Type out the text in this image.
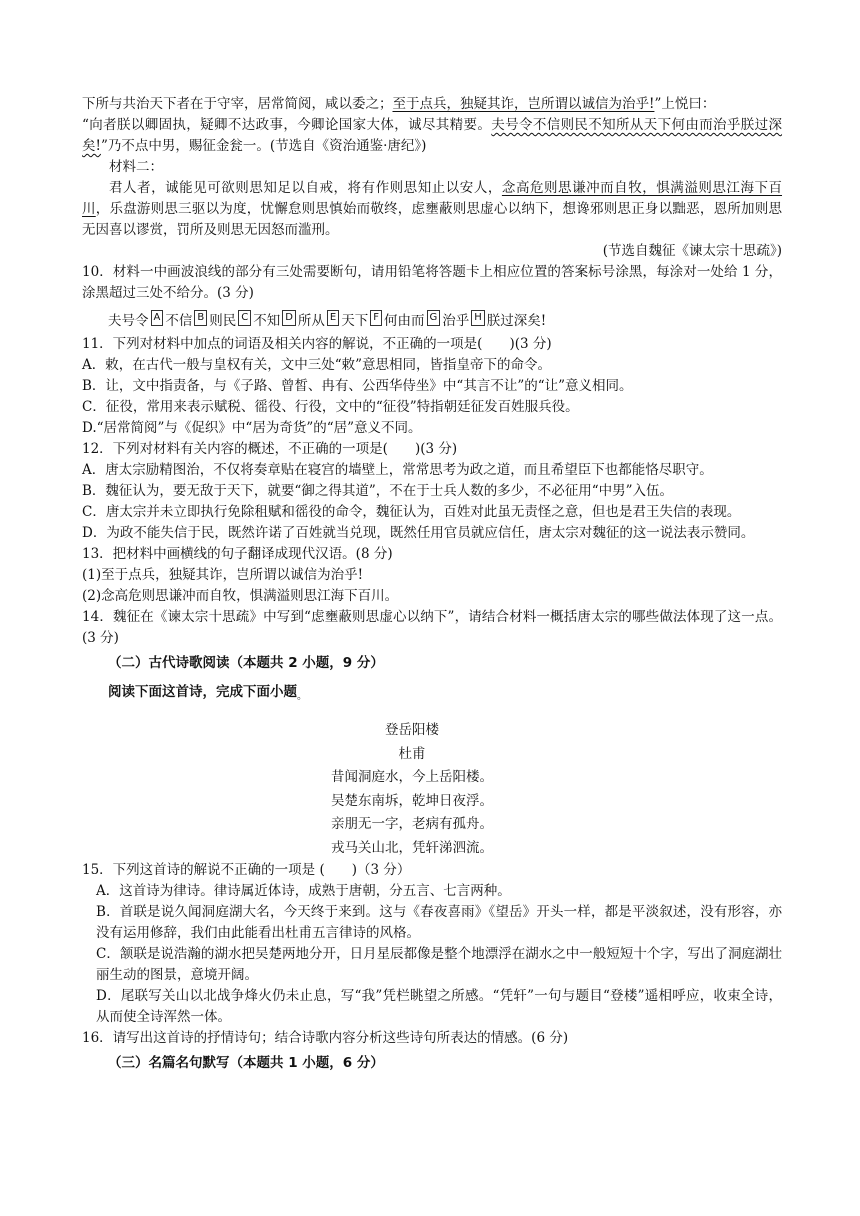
下所与共治天下者在于守宰，居常简阅，咸以委之；至于点兵，独疑其诈，岂所谓以诚信为治乎!”上悦曰：
“向者朕以卿固执，疑卿不达政事，今卿论国家大体，诚尽其精要。夫号令不信则民不知所从天下何由而治乎朕过深矣!”乃不点中男，赐征金瓮一。(节选自《资治通鉴·唐纪》)

材料二：

君人者，诚能见可欲则思知足以自戒，将有作则思知止以安人，念高危则思谦冲而自牧，惧满溢则思江海下百川，乐盘游则思三驱以为度，忧懈怠则思慎始而敬终，虑壅蔽则思虚心以纳下，想谗邪则思正身以黜恶，恩所加则思无因喜以谬赏，罚所及则思无因怒而滥刑。

(节选自魏征《谏太宗十思疏》)

10．材料一中画波浪线的部分有三处需要断句，请用铅笔将答题卡上相应位置的答案标号涂黑，每涂对一处给 1 分，涂黑超过三处不给分。(3 分)

夫号令 A 不信 B 则民 C 不知 D 所从 E 天下 F 何由而 G 治乎 H 朕过深矣!

11．下列对材料中加点的词语及相关内容的解说，不正确的一项是(　　)(3 分)

A．敕，在古代一般与皇权有关，文中三处“敕”意思相同，皆指皇帝下的命令。

B．让，文中指责备，与《子路、曾皙、冉有、公西华侍坐》中“其言不让”的“让”意义相同。

C．征役，常用来表示赋税、徭役、行役，文中的“征役”特指朝廷征发百姓服兵役。

D.“居常简阅”与《促织》中“居为奇货”的“居”意义不同。

12．下列对材料有关内容的概述，不正确的一项是(　　)(3 分)

A．唐太宗励精图治，不仅将奏章贴在寝宫的墙壁上，常常思考为政之道，而且希望臣下也都能恪尽职守。

B．魏征认为，要无敌于天下，就要“御之得其道”，不在于士兵人数的多少，不必征用“中男”入伍。

C．唐太宗并未立即执行免除租赋和徭役的命令，魏征认为，百姓对此虽无责怪之意，但也是君王失信的表现。

D．为政不能失信于民，既然许诺了百姓就当兑现，既然任用官员就应信任，唐太宗对魏征的这一说法表示赞同。

13．把材料中画横线的句子翻译成现代汉语。(8 分)

(1)至于点兵，独疑其诈，岂所谓以诚信为治乎!

(2)念高危则思谦冲而自牧，惧满溢则思江海下百川。

14．魏征在《谏太宗十思疏》中写到“虑壅蔽则思虚心以纳下”，请结合材料一概括唐太宗的哪些做法体现了这一点。(3 分)

（二）古代诗歌阅读（本题共 2 小题，9 分）
阅读下面这首诗，完成下面小题$_。$
登岳阳楼
杜甫
昔闻洞庭水，今上岳阳楼。
吴楚东南坼，乾坤日夜浮。
亲朋无一字，老病有孤舟。
戎马关山北，凭轩涕泗流。

15．下列这首诗的解说不正确的一项是 (　　)（3 分）

A．这首诗为律诗。律诗属近体诗，成熟于唐朝，分五言、七言两种。

B．首联是说久闻洞庭湖大名，今天终于来到。这与《春夜喜雨》《望岳》开头一样，都是平淡叙述，没有形容，亦没有运用修辞，我们由此能看出杜甫五言律诗的风格。

C．颔联是说浩瀚的湖水把吴楚两地分开，日月星辰都像是整个地漂浮在湖水之中一般短短十个字，写出了洞庭湖壮丽生动的图景，意境开阔。

D．尾联写关山以北战争烽火仍未止息，写“我”凭栏眺望之所感。“凭轩”一句与题目“登楼”遥相呼应，收束全诗，从而使全诗浑然一体。

16．请写出这首诗的抒情诗句；结合诗歌内容分析这些诗句所表达的情感。(6 分)

（三）名篇名句默写（本题共 1 小题，6 分）
